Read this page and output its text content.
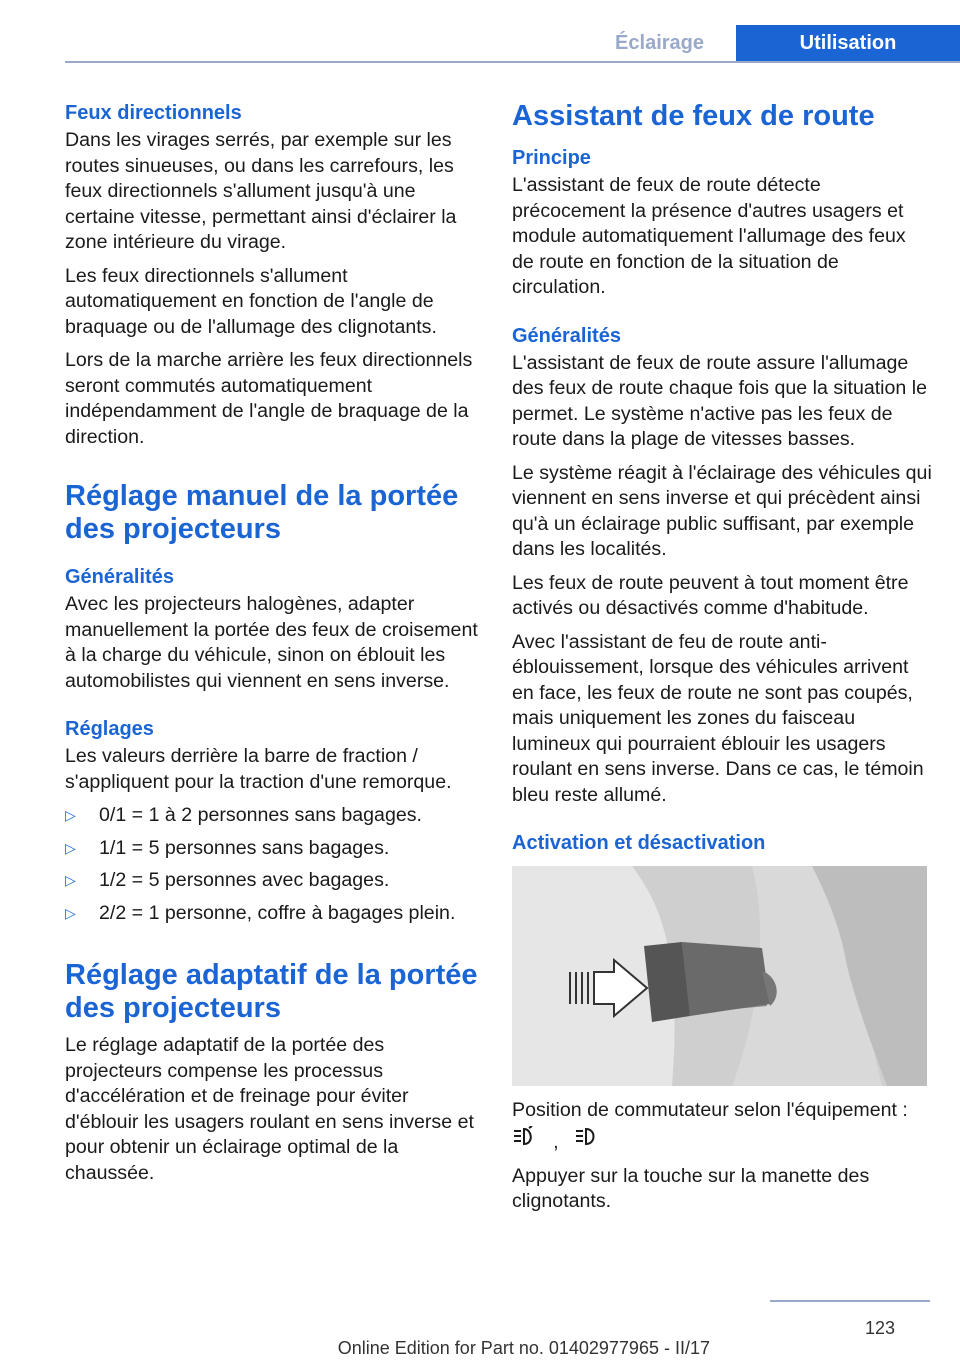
Éclairage	Utilisation
Feux directionnels

Dans les virages serrés, par exemple sur les routes sinueuses, ou dans les carrefours, les feux directionnels s'allument jusqu'à une certaine vitesse, permettant ainsi d'éclairer la zone intérieure du virage.

Les feux directionnels s'allument automatiquement en fonction de l'angle de braquage ou de l'allumage des clignotants.

Lors de la marche arrière les feux directionnels seront commutés automatiquement indépendamment de l'angle de braquage de la direction.

Réglage manuel de la portée des projecteurs
Généralités

Avec les projecteurs halogènes, adapter manuellement la portée des feux de croisement à la charge du véhicule, sinon on éblouit les automobilistes qui viennent en sens inverse.

Réglages

Les valeurs derrière la barre de fraction / s'appliquent pour la traction d'une remorque.

▷ 0/1 = 1 à 2 personnes sans bagages.
▷ 1/1 = 5 personnes sans bagages.
▷ 1/2 = 5 personnes avec bagages.
▷ 2/2 = 1 personne, coffre à bagages plein.
Réglage adaptatif de la portée des projecteurs

Le réglage adaptatif de la portée des projecteurs compense les processus d'accélération et de freinage pour éviter d'éblouir les usagers roulant en sens inverse et pour obtenir un éclairage optimal de la chaussée.

Assistant de feux de route
Principe

L'assistant de feux de route détecte précocement la présence d'autres usagers et module automatiquement l'allumage des feux de route en fonction de la situation de circulation.

Généralités

L'assistant de feux de route assure l'allumage des feux de route chaque fois que la situation le permet. Le système n'active pas les feux de route dans la plage de vitesses basses.

Le système réagit à l'éclairage des véhicules qui viennent en sens inverse et qui précèdent ainsi qu'à un éclairage public suffisant, par exemple dans les localités.

Les feux de route peuvent à tout moment être activés ou désactivés comme d'habitude.

Avec l'assistant de feu de route anti-éblouissement, lorsque des véhicules arrivent en face, les feux de route ne sont pas coupés, mais uniquement les zones du faisceau lumineux qui pourraient éblouir les usagers roulant en sens inverse. Dans ce cas, le témoin bleu reste allumé.

Activation et désactivation

Position de commutateur selon l'équipement :

,

Appuyer sur la touche sur la manette des clignotants.

123
Online Edition for Part no. 01402977965 - II/17
